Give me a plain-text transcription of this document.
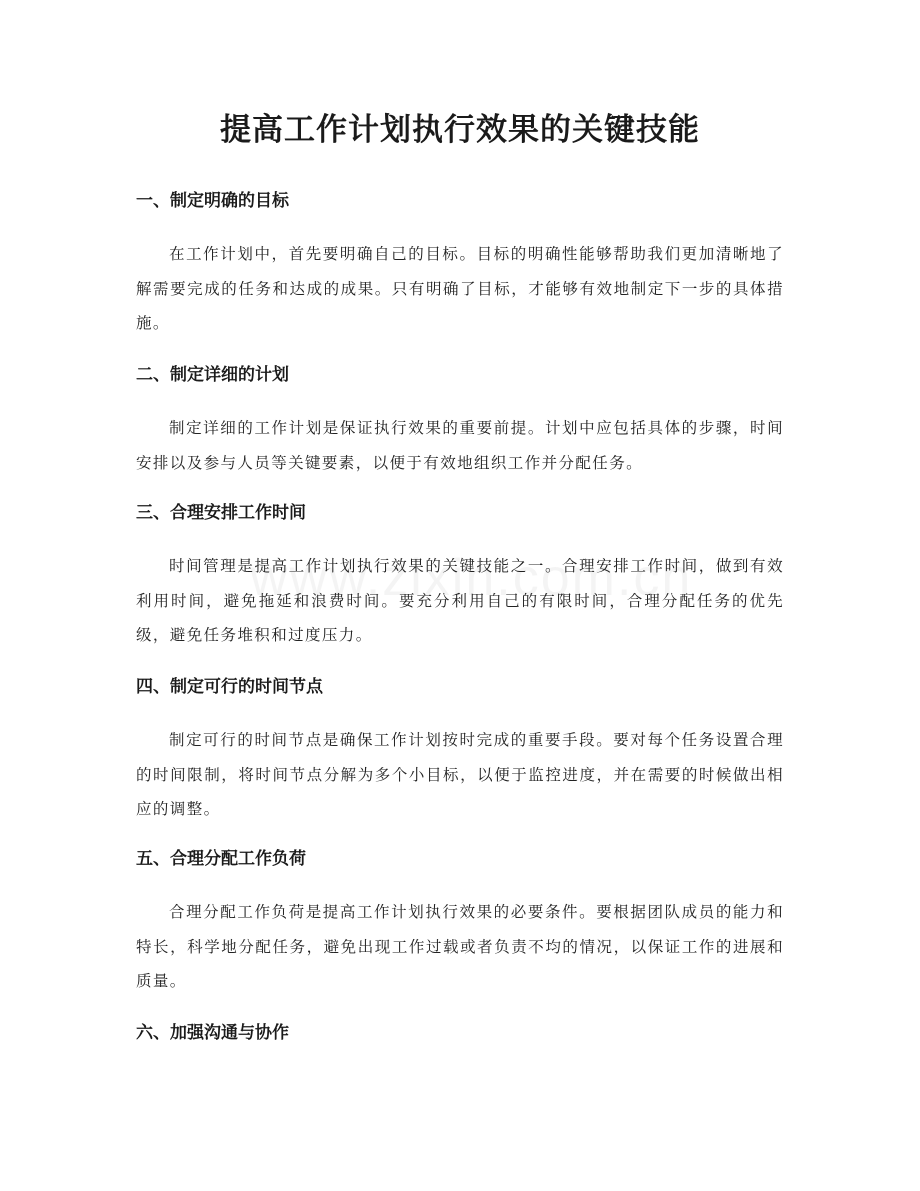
提高工作计划执行效果的关键技能
一、制定明确的目标

在工作计划中，首先要明确自己的目标。目标的明确性能够帮助我们更加清晰地了解需要完成的任务和达成的成果。只有明确了目标，才能够有效地制定下一步的具体措施。

二、制定详细的计划

制定详细的工作计划是保证执行效果的重要前提。计划中应包括具体的步骤，时间安排以及参与人员等关键要素，以便于有效地组织工作并分配任务。

三、合理安排工作时间

时间管理是提高工作计划执行效果的关键技能之一。合理安排工作时间，做到有效利用时间，避免拖延和浪费时间。要充分利用自己的有限时间，合理分配任务的优先级，避免任务堆积和过度压力。

四、制定可行的时间节点

制定可行的时间节点是确保工作计划按时完成的重要手段。要对每个任务设置合理的时间限制，将时间节点分解为多个小目标，以便于监控进度，并在需要的时候做出相应的调整。

五、合理分配工作负荷

合理分配工作负荷是提高工作计划执行效果的必要条件。要根据团队成员的能力和特长，科学地分配任务，避免出现工作过载或者负责不均的情况，以保证工作的进展和质量。

六、加强沟通与协作
